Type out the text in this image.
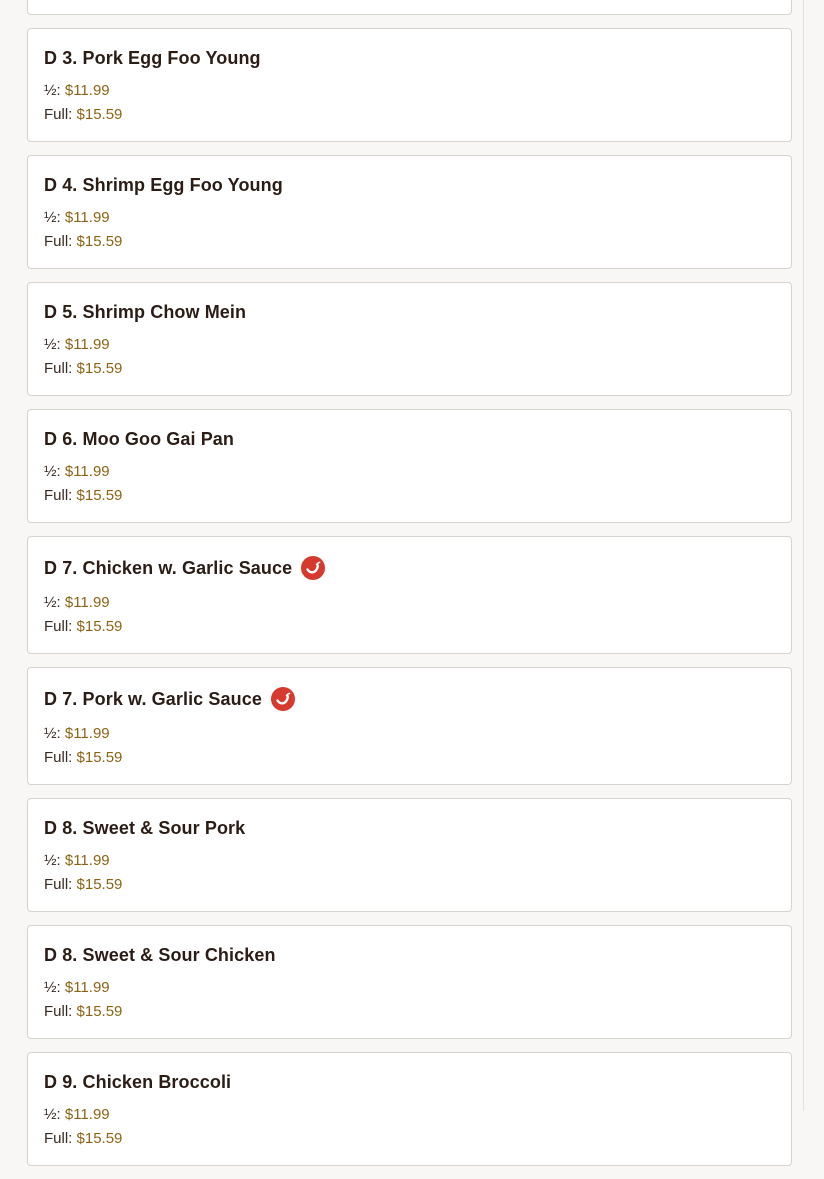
D 3. Pork Egg Foo Young
½: $11.99
Full: $15.59
D 4. Shrimp Egg Foo Young
½: $11.99
Full: $15.59
D 5. Shrimp Chow Mein
½: $11.99
Full: $15.59
D 6. Moo Goo Gai Pan
½: $11.99
Full: $15.59
D 7. Chicken w. Garlic Sauce
½: $11.99
Full: $15.59
D 7. Pork w. Garlic Sauce
½: $11.99
Full: $15.59
D 8. Sweet & Sour Pork
½: $11.99
Full: $15.59
D 8. Sweet & Sour Chicken
½: $11.99
Full: $15.59
D 9. Chicken Broccoli
½: $11.99
Full: $15.59
